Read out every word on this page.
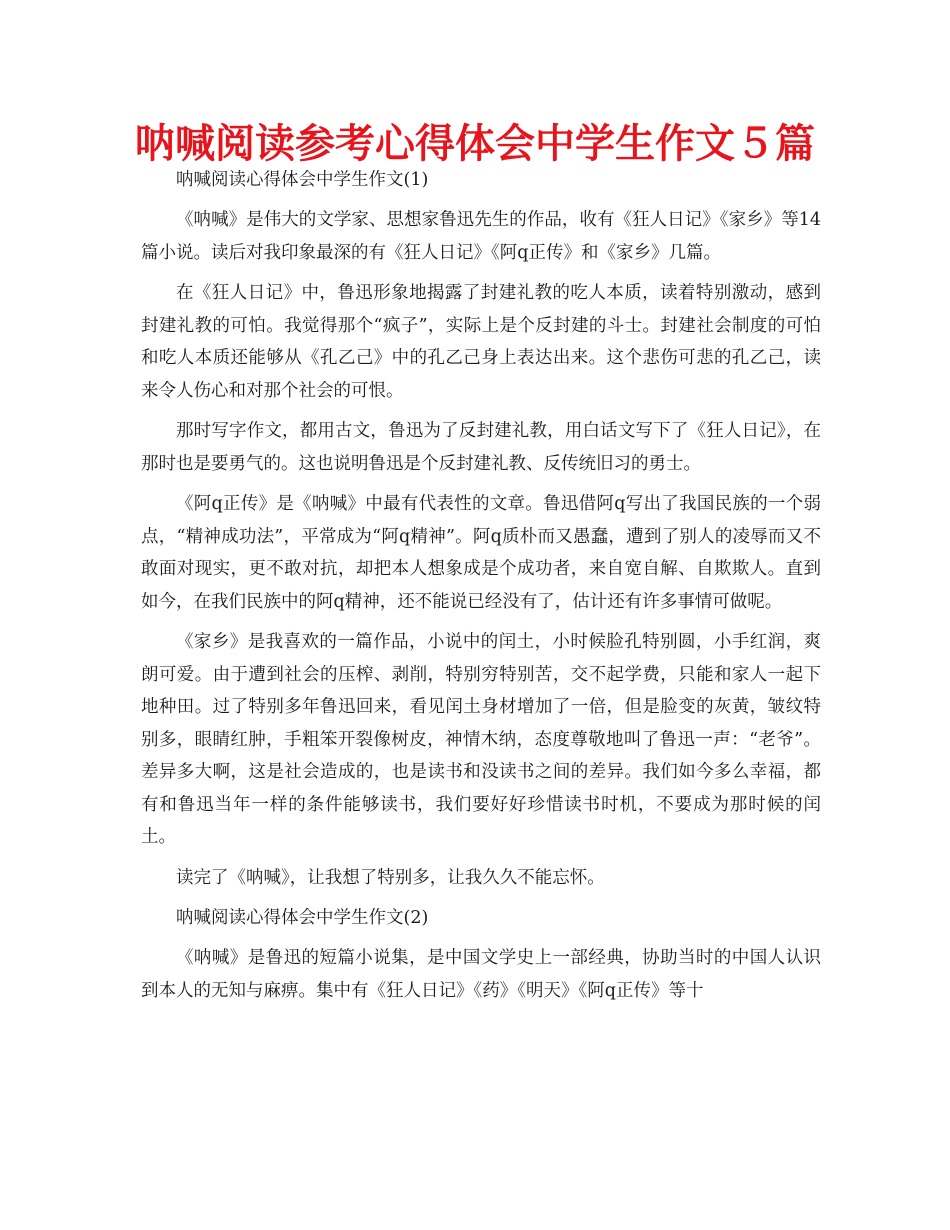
呐喊阅读参考心得体会中学生作文５篇

呐喊阅读心得体会中学生作文(1)

《呐喊》是伟大的文学家、思想家鲁迅先生的作品，收有《狂人日记》《家乡》等14篇小说。读后对我印象最深的有《狂人日记》《阿q正传》和《家乡》几篇。

在《狂人日记》中，鲁迅形象地揭露了封建礼教的吃人本质，读着特别激动，感到封建礼教的可怕。我觉得那个“疯子”，实际上是个反封建的斗士。封建社会制度的可怕和吃人本质还能够从《孔乙己》中的孔乙己身上表达出来。这个悲伤可悲的孔乙己，读来令人伤心和对那个社会的可恨。

那时写字作文，都用古文，鲁迅为了反封建礼教，用白话文写下了《狂人日记》，在那时也是要勇气的。这也说明鲁迅是个反封建礼教、反传统旧习的勇士。

《阿q正传》是《呐喊》中最有代表性的文章。鲁迅借阿q写出了我国民族的一个弱点，“精神成功法”，平常成为“阿q精神”。阿q质朴而又愚蠢，遭到了别人的凌辱而又不敢面对现实，更不敢对抗，却把本人想象成是个成功者，来自宽自解、自欺欺人。直到如今，在我们民族中的阿q精神，还不能说已经没有了，估计还有许多事情可做呢。

《家乡》是我喜欢的一篇作品，小说中的闰土，小时候脸孔特别圆，小手红润，爽朗可爱。由于遭到社会的压榨、剥削，特别穷特别苦，交不起学费，只能和家人一起下地种田。过了特别多年鲁迅回来，看见闰土身材增加了一倍，但是脸变的灰黄，皱纹特别多，眼睛红肿，手粗笨开裂像树皮，神情木纳，态度尊敬地叫了鲁迅一声：“老爷”。差异多大啊，这是社会造成的，也是读书和没读书之间的差异。我们如今多么幸福，都有和鲁迅当年一样的条件能够读书，我们要好好珍惜读书时机，不要成为那时候的闰土。

读完了《呐喊》，让我想了特别多，让我久久不能忘怀。

呐喊阅读心得体会中学生作文(2)

《呐喊》是鲁迅的短篇小说集，是中国文学史上一部经典，协助当时的中国人认识到本人的无知与麻痹。集中有《狂人日记》《药》《明天》《阿q正传》等十
